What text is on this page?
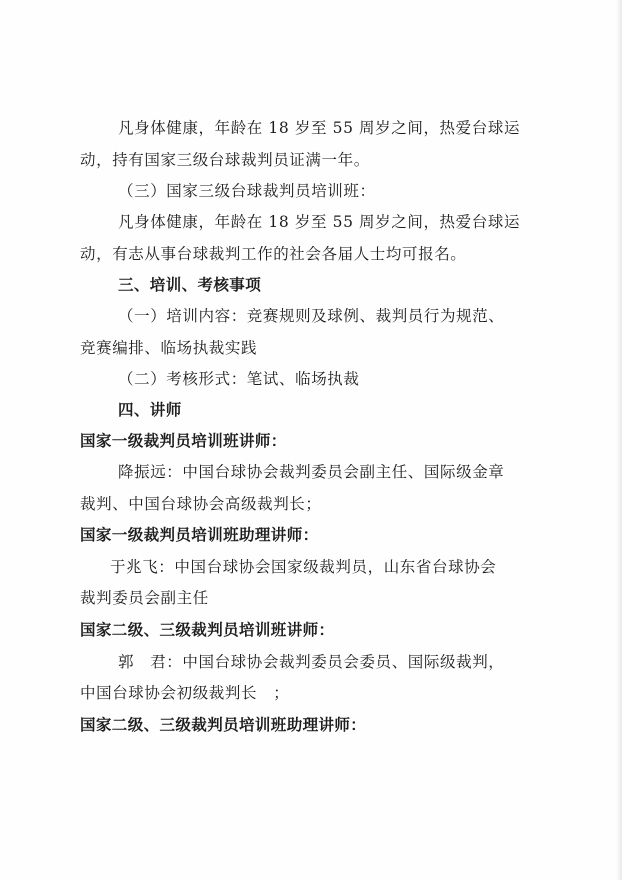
凡身体健康，年龄在 18 岁至 55 周岁之间，热爱台球运
动，持有国家三级台球裁判员证满一年。
（三）国家三级台球裁判员培训班：
凡身体健康，年龄在 18 岁至 55 周岁之间，热爱台球运
动，有志从事台球裁判工作的社会各届人士均可报名。
三、培训、考核事项
（一）培训内容：竞赛规则及球例、裁判员行为规范、
竞赛编排、临场执裁实践
（二）考核形式：笔试、临场执裁
四、讲师
国家一级裁判员培训班讲师：
降振远：中国台球协会裁判委员会副主任、国际级金章
裁判、中国台球协会高级裁判长；
国家一级裁判员培训班助理讲师：
于兆飞：中国台球协会国家级裁判员，山东省台球协会
裁判委员会副主任
国家二级、三级裁判员培训班讲师：
郭　君：中国台球协会裁判委员会委员、国际级裁判，
中国台球协会初级裁判长　；
国家二级、三级裁判员培训班助理讲师：
